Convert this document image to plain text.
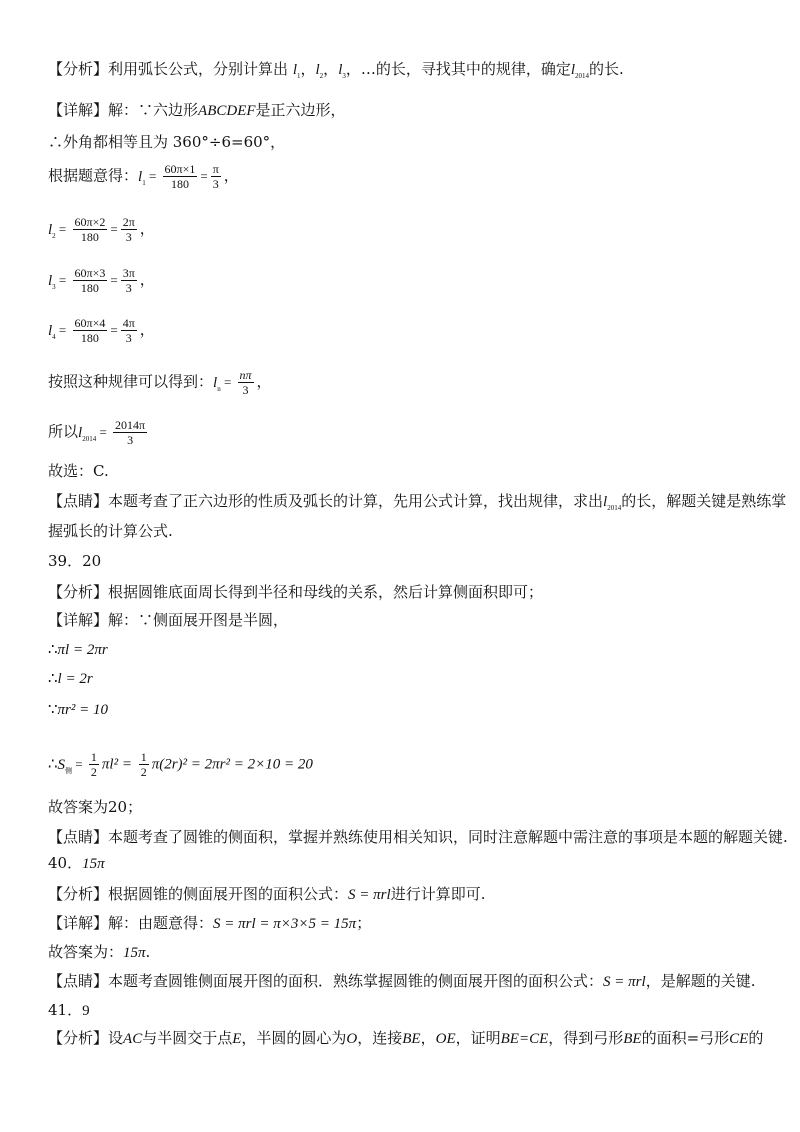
【分析】利用弧长公式，分别计算出 $l_1$，$l_2$，$l_3$，…的长，寻找其中的规律，确定$l_{2014}$的长.
【详解】解：∵六边形ABCDEF是正六边形，
∴外角都相等且为 360°÷6=60°，
根据题意得：$l_1 = \frac{60\pi\times 1}{180} = \frac{\pi}{3}$ ，
$l_2 = \frac{60\pi\times 2}{180} = \frac{2\pi}{3}$ ，
$l_3 = \frac{60\pi\times 3}{180} = \frac{3\pi}{3}$ ，
$l_4 = \frac{60\pi\times 4}{180} = \frac{4\pi}{3}$ ，
按照这种规律可以得到：$l_n = \frac{n\pi}{3}$ ，
所以$l_{2014} = \frac{2014\pi}{3}$
故选：C.
【点睛】本题考查了正六边形的性质及弧长的计算，先用公式计算，找出规律，求出$l_{2014}$的长，解题关键是熟练掌
握弧长的计算公式.
39．20
【分析】根据圆锥底面周长得到半径和母线的关系，然后计算侧面积即可；
【详解】解：∵侧面展开图是半圆，
∴πl = 2πr
∴l = 2r
∵πr² = 10
$\therefore S_侧 = \frac{1}{2} \pi l^2 = \frac{1}{2} \pi(2r)^2 = 2\pi r^2 = 2\times 10 = 20$
故答案为20；
【点睛】本题考查了圆锥的侧面积，掌握并熟练使用相关知识，同时注意解题中需注意的事项是本题的解题关键.
40．15π
【分析】根据圆锥的侧面展开图的面积公式：S = πrl进行计算即可.
【详解】解：由题意得：S = πrl = π×3×5 = 15π；
故答案为：15π.
【点睛】本题考查圆锥侧面展开图的面积．熟练掌握圆锥的侧面展开图的面积公式：S = πrl，是解题的关键.
41．9
【分析】设AC与半圆交于点E，半圆的圆心为O，连接BE，OE，证明BE=CE，得到弓形BE的面积=弓形CE的
